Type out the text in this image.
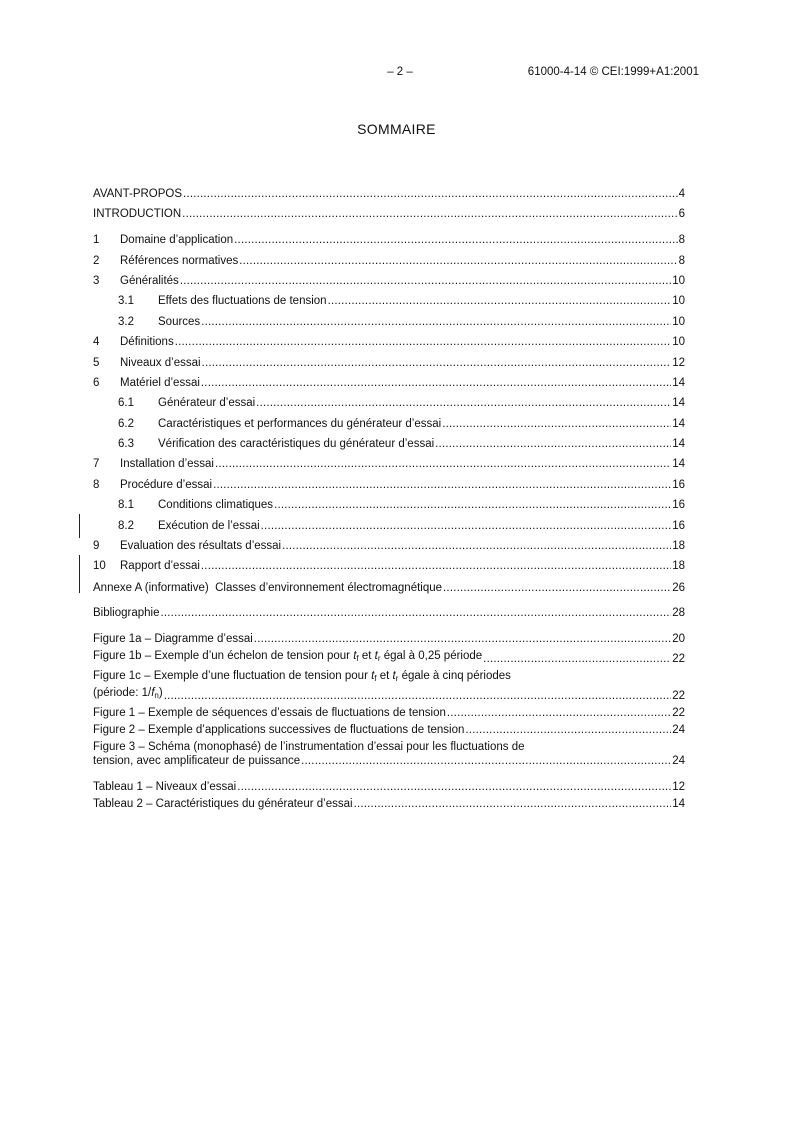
– 2 –	61000-4-14 © CEI:1999+A1:2001
SOMMAIRE
AVANT-PROPOS .....	4
INTRODUCTION .....	6
1	Domaine d’application .....	8
2	Références normatives .....	8
3	Généralités .....	10
3.1	Effets des fluctuations de tension .....	10
3.2	Sources .....	10
4	Définitions .....	10
5	Niveaux d’essai .....	12
6	Matériel d’essai .....	14
6.1	Générateur d’essai .....	14
6.2	Caractéristiques et performances du générateur d’essai .....	14
6.3	Vérification des caractéristiques du générateur d’essai .....	14
7	Installation d’essai .....	14
8	Procédure d’essai .....	16
8.1	Conditions climatiques .....	16
8.2	Exécution de l’essai .....	16
9	Evaluation des résultats d’essai .....	18
10	Rapport d’essai .....	18
Annexe A (informative)  Classes d’environnement électromagnétique .....	26
Bibliographie .....	28
Figure 1a – Diagramme d’essai .....	20
Figure 1b – Exemple d’un échelon de tension pour $t_f$ et $t_r$ égal à 0,25 période .....	22
Figure 1c – Exemple d’une fluctuation de tension pour $t_f$ et $t_r$ égale à cinq périodes
(période: $1/f_n$) .....	22
Figure 1 – Exemple de séquences d’essais de fluctuations de tension .....	22
Figure 2 – Exemple d’applications successives de fluctuations de tension .....	24
Figure 3 – Schéma (monophasé) de l’instrumentation d’essai pour les fluctuations de
tension, avec amplificateur de puissance .....	24
Tableau 1 – Niveaux d’essai .....	12
Tableau 2 – Caractéristiques du générateur d’essai .....	14
